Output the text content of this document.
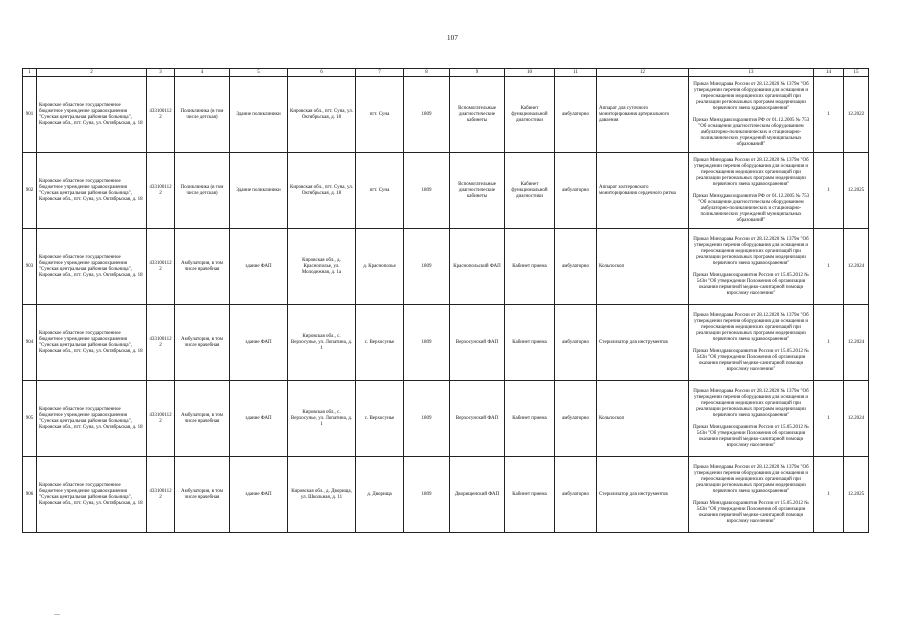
107
1	2	3	4	5	6	7	8	9	10	11	12	13	14	15
901	Кировское областное государственное бюджетное учреждение здравоохранения "Сунская центральная районная больница", Кировская обл., пгт. Суна, ул. Октябрьская, д. 18	4331001122	Поликлиника (в том числе детская)	Здание поликлиники	Кировская обл., пгт. Суна, ул. Октябрьская, д. 18	пгт. Суна	1809	Вспомогательные диагностические кабинеты	Кабинет функциональной диагностики	амбулаторно	Аппарат для суточного мониторирования артериального давления	Приказ Минздрава России от 28.12.2020 № 1379н "Об утверждении перечня оборудования для оснащения и переоснащения медицинских организаций при реализации региональных программ модернизации первичного звена здравоохранения"
Приказ Минздравсоцразвития РФ от 01.12.2005 № 753 "Об оснащении диагностическим оборудованием амбулаторно-поликлинических и стационарно-поликлинических учреждений муниципальных образований"	1	12.2022
902	Кировское областное государственное бюджетное учреждение здравоохранения "Сунская центральная районная больница", Кировская обл., пгт. Суна, ул. Октябрьская, д. 18	4331001122	Поликлиника (в том числе детская)	Здание поликлиники	Кировская обл., пгт. Суна, ул. Октябрьская, д. 18	пгт. Суна	1809	Вспомогательные диагностические кабинеты	Кабинет функциональной диагностики	амбулаторно	Аппарат холтеровского мониторирования сердечного ритма	Приказ Минздрава России от 28.12.2020 № 1379н "Об утверждении перечня оборудования для оснащения и переоснащения медицинских организаций при реализации региональных программ модернизации первичного звена здравоохранения"
Приказ Минздравсоцразвития РФ от 01.12.2005 № 753 "Об оснащении диагностическим оборудованием амбулаторно-поликлинических и стационарно-поликлинических учреждений муниципальных образований"	1	12.2025
903	Кировское областное государственное бюджетное учреждение здравоохранения "Сунская центральная районная больница", Кировская обл., пгт. Суна, ул. Октябрьская, д. 18	4331001122	Амбулатория, в том числе врачебная	здание ФАП	Кировская обл., д. Краснополье, ул. Молодежная, д. 1а	д. Краснополье	1809	Краснопольский ФАП	Кабинет приема	амбулаторно	Кольпоскоп	Приказ Минздрава России от 28.12.2020 № 1379н "Об утверждении перечня оборудования для оснащения и переоснащения медицинских организаций при реализации региональных программ модернизации первичного звена здравоохранения"
Приказ Минздравсоцразвития России от 15.05.2012 № 543н "Об утверждении Положения об организации оказания первичной медико-санитарной помощи взрослому населению"	1	12.2024
904	Кировское областное государственное бюджетное учреждение здравоохранения "Сунская центральная районная больница", Кировская обл., пгт. Суна, ул. Октябрьская, д. 18	4331001122	Амбулатория, в том числе врачебная	здание ФАП	Кировская обл., с. Верхосунье, ул. Лопатина, д. 1	с. Верхосунье	1809	Верхосунский ФАП	Кабинет приема	амбулаторно	Стерилизатор для инструментов	Приказ Минздрава России от 28.12.2020 № 1379н "Об утверждении перечня оборудования для оснащения и переоснащения медицинских организаций при реализации региональных программ модернизации первичного звена здравоохранения"
Приказ Минздравсоцразвития России от 15.05.2012 № 543н "Об утверждении Положения об организации оказания первичной медико-санитарной помощи взрослому населению"	1	12.2024
905	Кировское областное государственное бюджетное учреждение здравоохранения "Сунская центральная районная больница", Кировская обл., пгт. Суна, ул. Октябрьская, д. 18	4331001122	Амбулатория, в том числе врачебная	здание ФАП	Кировская обл., с. Верхосунье, ул. Лопатина, д. 1	с. Верхосунье	1809	Верхосунский ФАП	Кабинет приема	амбулаторно	Кольпоскоп	Приказ Минздрава России от 28.12.2020 № 1379н "Об утверждении перечня оборудования для оснащения и переоснащения медицинских организаций при реализации региональных программ модернизации первичного звена здравоохранения"
Приказ Минздравсоцразвития России от 15.05.2012 № 543н "Об утверждении Положения об организации оказания первичной медико-санитарной помощи взрослому населению"	1	12.2024
906	Кировское областное государственное бюджетное учреждение здравоохранения "Сунская центральная районная больница", Кировская обл., пгт. Суна, ул. Октябрьская, д. 18	4331001122	Амбулатория, в том числе врачебная	здание ФАП	Кировская обл., д. Дворища, ул. Школьная, д. 11	д. Дворища	1809	Дворищенский ФАП	Кабинет приема	амбулаторно	Стерилизатор для инструментов	Приказ Минздрава России от 28.12.2020 № 1379н "Об утверждении перечня оборудования для оснащения и переоснащения медицинских организаций при реализации региональных программ модернизации первичного звена здравоохранения"
Приказ Минздравсоцразвития России от 15.05.2012 № 543н "Об утверждении Положения об организации оказания первичной медико-санитарной помощи взрослому населению"	1	12.2025
